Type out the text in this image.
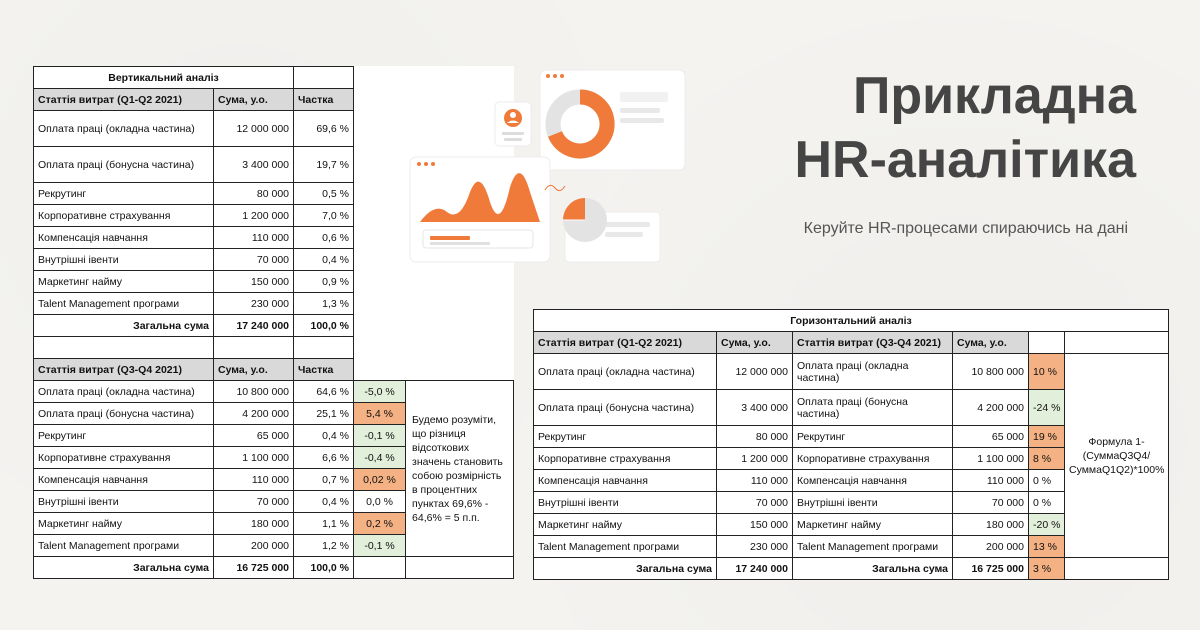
Вертикальний аналіз				
Статтія витрат (Q1-Q2 2021)	Сума, у.о.	Частка		
Оплата праці (окладна частина)	12 000 000	69,6 %		
Оплата праці (бонусна частина)	3 400 000	19,7 %		
Рекрутинг	80 000	0,5 %		
Корпоративне страхування	1 200 000	7,0 %		
Компенсація навчання	110 000	0,6 %		
Внутрішні івенти	70 000	0,4 %		
Маркетинг найму	150 000	0,9 %		
Talent Management програми	230 000	1,3 %		
Загальна сума	17 240 000	100,0 %		

Статтія витрат (Q3-Q4 2021)	Сума, у.о.	Частка		
Оплата праці (окладна частина)	10 800 000	64,6 %	-5,0 %	Будемо розуміти, що різниця відсоткових значень становить собою розмірність в процентних пунктах 69,6% - 64,6% = 5 п.п.
Оплата праці (бонусна частина)	4 200 000	25,1 %	5,4 %	
Рекрутинг	65 000	0,4 %	-0,1 %	
Корпоративне страхування	1 100 000	6,6 %	-0,4 %	
Компенсація навчання	110 000	0,7 %	0,02 %	
Внутрішні івенти	70 000	0,4 %	0,0 %	
Маркетинг найму	180 000	1,1 %	0,2 %	
Talent Management програми	200 000	1,2 %	-0,1 %	
Загальна сума	16 725 000	100,0 %		
Прикладна
HR-аналітика
Керуйте HR-процесами спираючись на дані
Горизонтальний аналіз					
Статтія витрат (Q1-Q2 2021)	Сума, у.о.	Статтія витрат (Q3-Q4 2021)	Сума, у.о.		
Оплата праці (окладна частина)	12 000 000	Оплата праці (окладна частина)	10 800 000	10 %	Формула 1-(СуммаQ3Q4/СуммаQ1Q2)*100%
Оплата праці (бонусна частина)	3 400 000	Оплата праці (бонусна частина)	4 200 000	-24 %	
Рекрутинг	80 000	Рекрутинг	65 000	19 %	
Корпоративне страхування	1 200 000	Корпоративне страхування	1 100 000	8 %	
Компенсація навчання	110 000	Компенсація навчання	110 000	0 %	
Внутрішні івенти	70 000	Внутрішні івенти	70 000	0 %	
Маркетинг найму	150 000	Маркетинг найму	180 000	-20 %	
Talent Management програми	230 000	Talent Management програми	200 000	13 %	
Загальна сума	17 240 000	Загальна сума	16 725 000	3 %	
